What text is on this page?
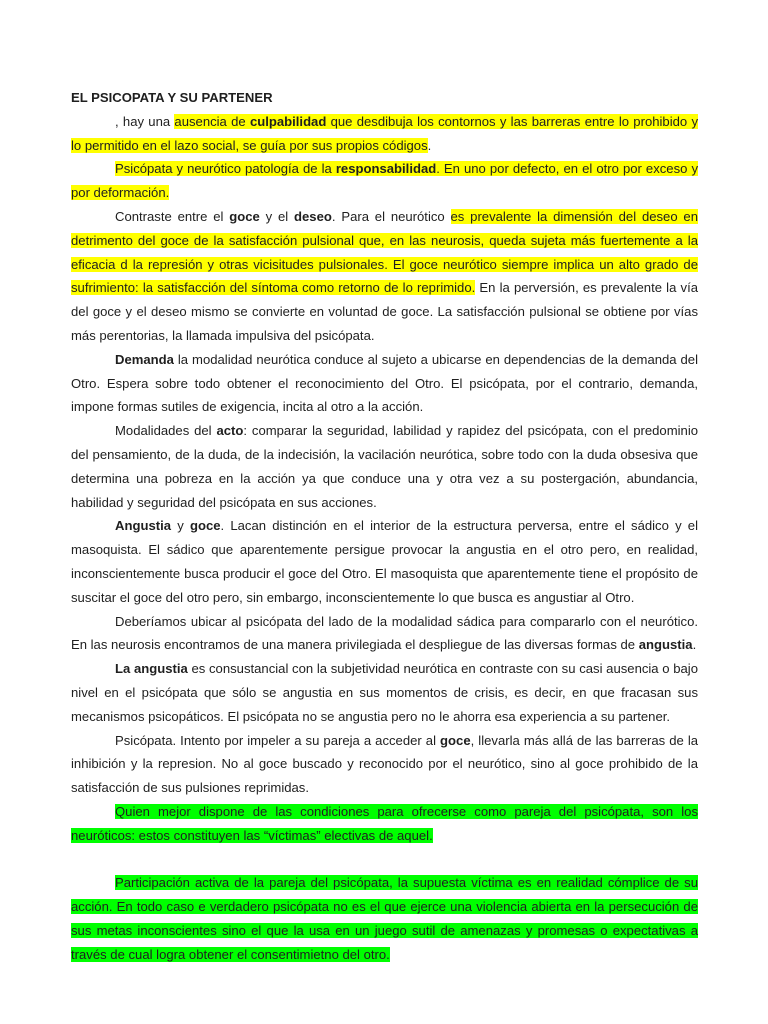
EL PSICOPATA Y SU PARTENER

, hay una ausencia de culpabilidad que desdibuja los contornos y las barreras entre lo prohibido y lo permitido en el lazo social, se guía por sus propios códigos.

Psicópata y neurótico patología de la responsabilidad. En uno por defecto, en el otro por exceso y por deformación.

Contraste entre el goce y el deseo. Para el neurótico es prevalente la dimensión del deseo en detrimento del goce de la satisfacción pulsional que, en las neurosis, queda sujeta más fuertemente a la eficacia d la represión y otras vicisitudes pulsionales. El goce neurótico siempre implica un alto grado de sufrimiento: la satisfacción del síntoma como retorno de lo reprimido. En la perversión, es prevalente la vía del goce y el deseo mismo se convierte en voluntad de goce. La satisfacción pulsional se obtiene por vías más perentorias, la llamada impulsiva del psicópata.

Demanda la modalidad neurótica conduce al sujeto a ubicarse en dependencias de la demanda del Otro. Espera sobre todo obtener el reconocimiento del Otro. El psicópata, por el contrario, demanda, impone formas sutiles de exigencia, incita al otro a la acción.

Modalidades del acto: comparar la seguridad, labilidad y rapidez del psicópata, con el predominio del pensamiento, de la duda, de la indecisión, la vacilación neurótica, sobre todo con la duda obsesiva que determina una pobreza en la acción ya que conduce una y otra vez a su postergación, abundancia, habilidad y seguridad del psicópata en sus acciones.

Angustia y goce. Lacan distinción en el interior de la estructura perversa, entre el sádico y el masoquista. El sádico que aparentemente persigue provocar la angustia en el otro pero, en realidad, inconscientemente busca producir el goce del Otro. El masoquista que aparentemente tiene el propósito de suscitar el goce del otro pero, sin embargo, inconscientemente lo que busca es angustiar al Otro.

Deberíamos ubicar al psicópata del lado de la modalidad sádica para compararlo con el neurótico. En las neurosis encontramos de una manera privilegiada el despliegue de las diversas formas de angustia.

La angustia es consustancial con la subjetividad neurótica en contraste con su casi ausencia o bajo nivel en el psicópata que sólo se angustia en sus momentos de crisis, es decir, en que fracasan sus mecanismos psicopáticos. El psicópata no se angustia pero no le ahorra esa experiencia a su partener.

Psicópata. Intento por impeler a su pareja a acceder al goce, llevarla más allá de las barreras de la inhibición y la represion. No al goce buscado y reconocido por el neurótico, sino al goce prohibido de la satisfacción de sus pulsiones reprimidas.

Quien mejor dispone de las condiciones para ofrecerse como pareja del psicópata, son los neuróticos: estos constituyen las “víctimas” electivas de aquel.

Participación activa de la pareja del psicópata, la supuesta víctima es en realidad cómplice de su acción. En todo caso e verdadero psicópata no es el que ejerce una violencia abierta en la persecución de sus metas inconscientes sino el que la usa en un juego sutil de amenazas y promesas o expectativas a través de cual logra obtener el consentimietno del otro.
